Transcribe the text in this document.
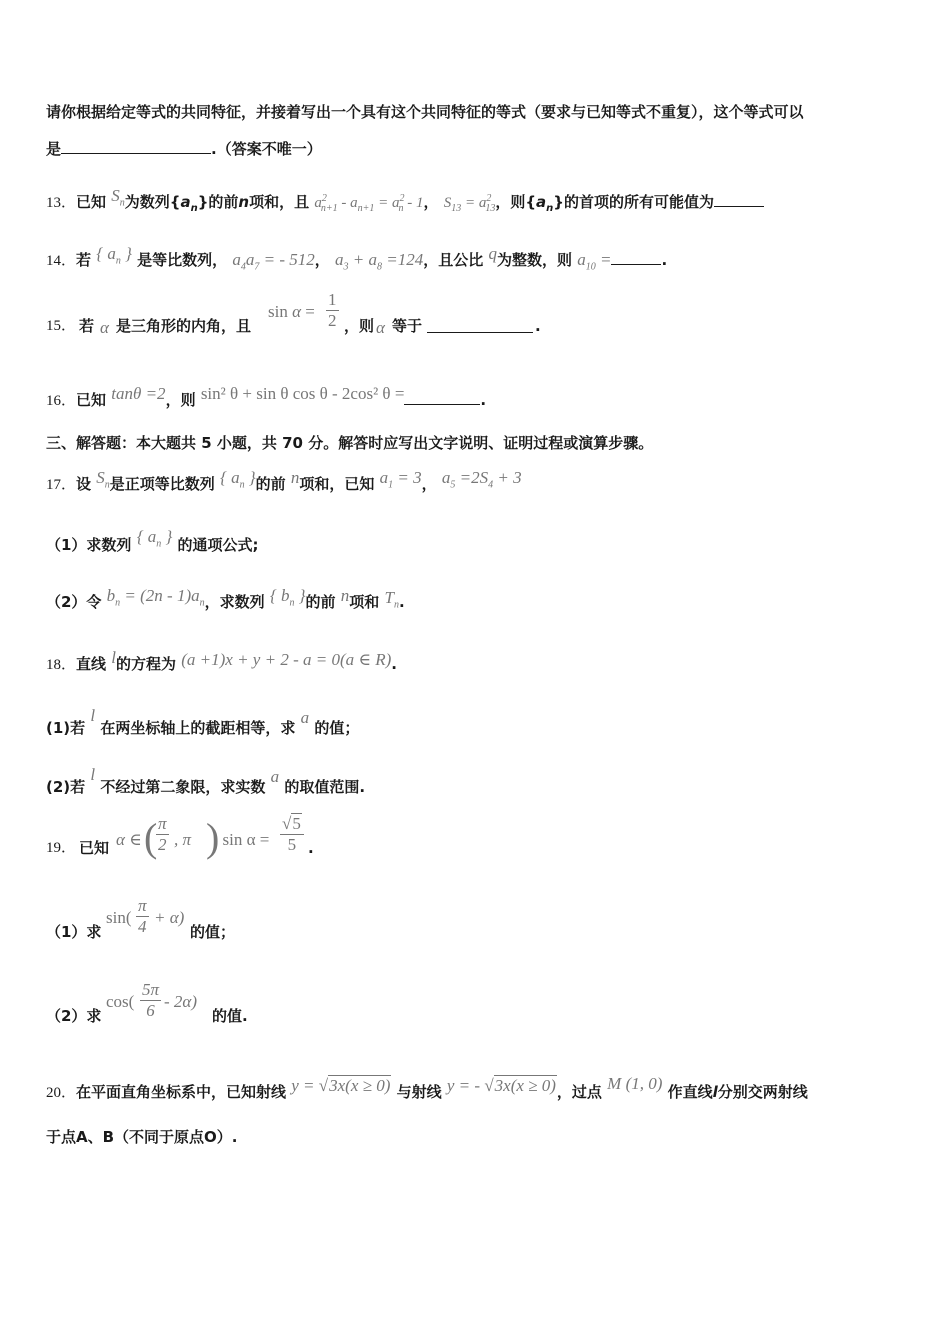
请你根据给定等式的共同特征，并接着写出一个具有这个共同特征的等式（要求与已知等式不重复），这个等式可以
是	.（答案不唯一）
13．已知 $S_n$为数列$\{a_n\}$的前n项和，且 $a^2_{n+1} - a_{n+1} = a^2_n - 1$， $S_{13} = a^2_{13}$，则$\{a_n\}$的首项的所有可能值为
14．若 { $a_n$ } 是等比数列， $a_4a_7$ = - 512， $a_3 + a_8 =124$，且公比 q为整数，则 $a_{10}$ =	.
15． 若 α 是三角形的内角，且
$\sin \alpha = \frac{1}{2}$ ，则 α 等于	.
16．已知 tanθ =2，则 sin² θ + sin θ cos θ - 2cos² θ =	.
三、解答题：本大题共 5 小题，共 70 分。解答时应写出文字说明、证明过程或演算步骤。
17．设 $S_n$是正项等比数列 { $a_n$ }的前 n项和，已知 $a_1 = 3$， $a_5 =2S_4 + 3$
（1）求数列 { $a_n$ } 的通项公式;
（2）令 $b_n = (2n - 1)a_n$，求数列 { $b_n$ }的前 n项和 $T_n$.
18．直线 l的方程为 (a +1)x + y + 2 - a = 0(a ∈ R).
(1)若 l 在两坐标轴上的截距相等，求 a 的值；
(2)若 l 不经过第二象限，求实数 a 的取值范围.
19． 已知 α ∈ (
$\frac{\pi}{2}$ , π )
, $\sin \alpha = \frac{√5}{5}$ .
（1）求
$\sin( \frac{\pi}{4} + \alpha)$
的值；
（2）求
$\cos( \frac{5\pi}{6} - 2\alpha)$
的值.
20．在平面直角坐标系中，已知射线 y = √3x(x ≥ 0) 与射线 y = - √3x(x ≥ 0)，过点 M (1, 0) 作直线l分别交两射线
于点A、B（不同于原点O）.
